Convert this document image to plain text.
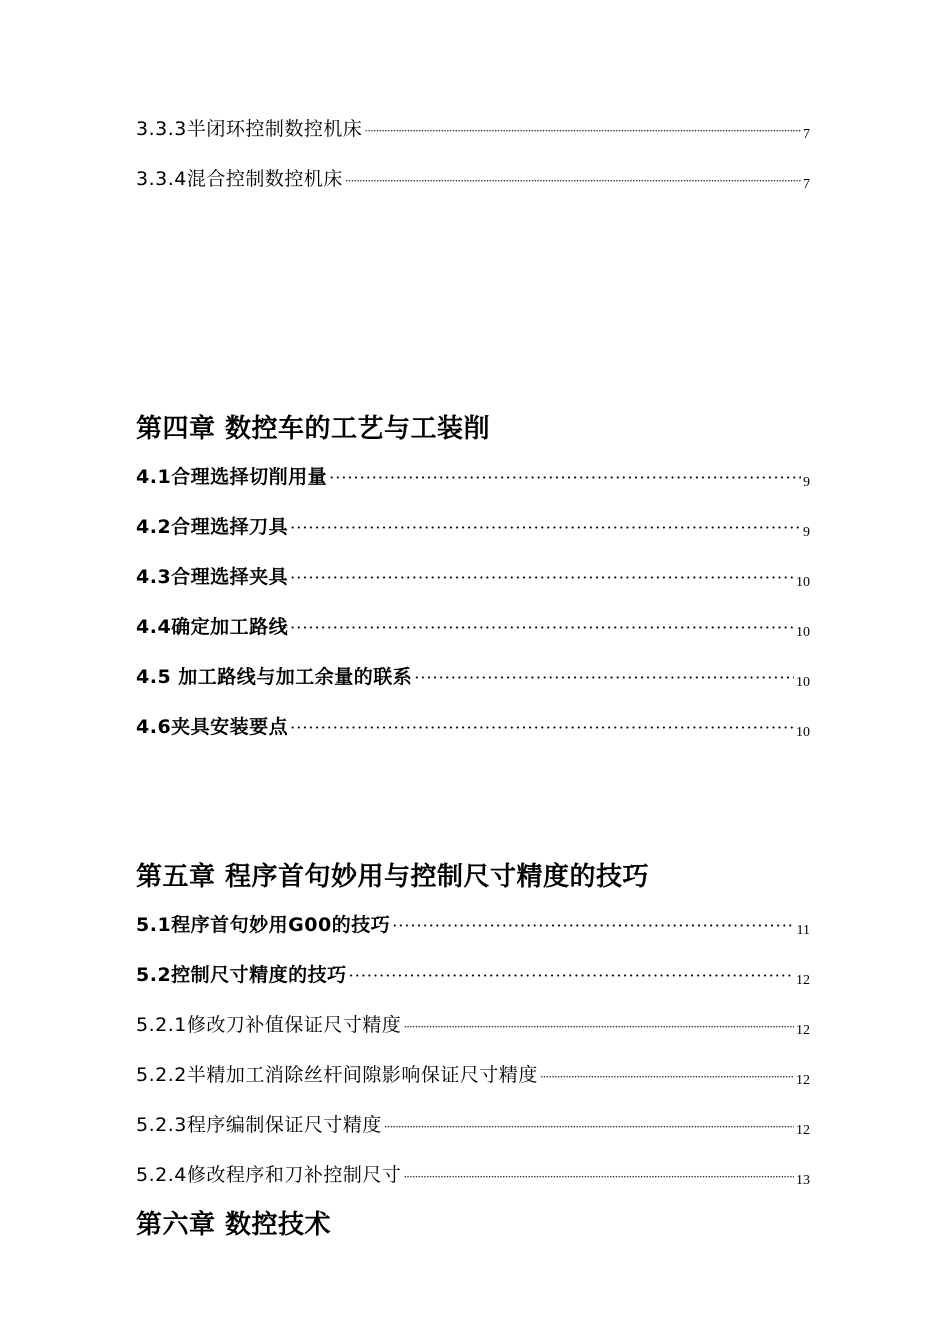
3.3.3半闭环控制数控机床 ·····	7
3.3.4混合控制数控机床 ·····	7
第四章 数控车的工艺与工装削
4.1合理选择切削用量 ·····	9
4.2合理选择刀具 ·····	9
4.3合理选择夹具 ·····	10
4.4确定加工路线 ·····	10
4.5 加工路线与加工余量的联系 ·····	10
4.6夹具安装要点 ·····	10
第五章 程序首句妙用与控制尺寸精度的技巧
5.1程序首句妙用G00的技巧 ·····	11
5.2控制尺寸精度的技巧 ·····	12
5.2.1修改刀补值保证尺寸精度 ·····	12
5.2.2半精加工消除丝杆间隙影响保证尺寸精度 ·····	12
5.2.3程序编制保证尺寸精度 ·····	12
5.2.4修改程序和刀补控制尺寸 ·····	13
第六章 数控技术
